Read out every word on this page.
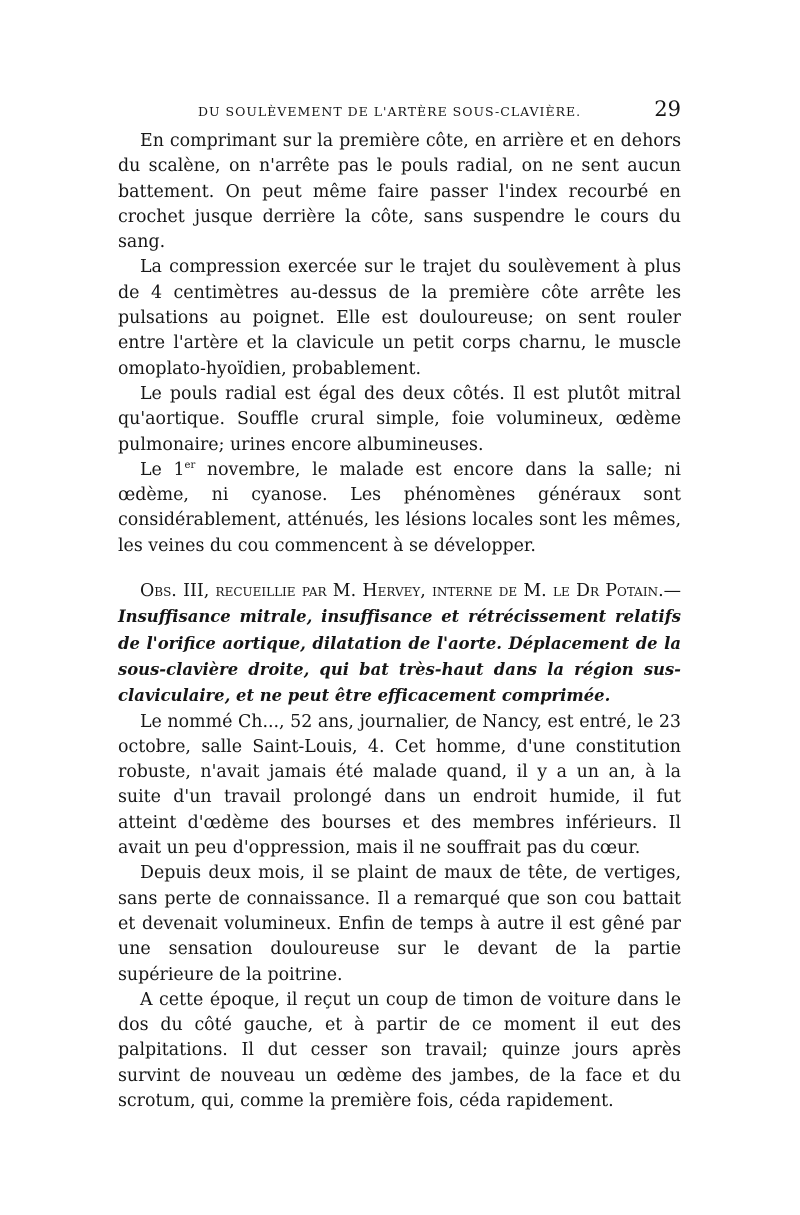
DU SOULÈVEMENT DE L'ARTÈRE SOUS-CLAVIÈRE.	29

En comprimant sur la première côte, en arrière et en dehors du scalène, on n'arrête pas le pouls radial, on ne sent aucun battement. On peut même faire passer l'index recourbé en crochet jusque derrière la côte, sans suspendre le cours du sang.

La compression exercée sur le trajet du soulèvement à plus de 4 centimètres au-dessus de la première côte arrête les pulsations au poignet. Elle est douloureuse; on sent rouler entre l'artère et la clavicule un petit corps charnu, le muscle omoplato-hyoïdien, probablement.

Le pouls radial est égal des deux côtés. Il est plutôt mitral qu'aortique. Souffle crural simple, foie volumineux, œdème pulmonaire; urines encore albumineuses.

Le 1er novembre, le malade est encore dans la salle; ni œdème, ni cyanose. Les phénomènes généraux sont considérablement, atténués, les lésions locales sont les mêmes, les veines du cou commencent à se développer.

Obs. III, recueillie par M. Hervey, interne de M. le Dr Potain.— Insuffisance mitrale, insuffisance et rétrécissement relatifs de l'orifice aortique, dilatation de l'aorte. Déplacement de la sous-clavière droite, qui bat très-haut dans la région sus-claviculaire, et ne peut être efficacement comprimée.

Le nommé Ch..., 52 ans, journalier, de Nancy, est entré, le 23 octobre, salle Saint-Louis, 4. Cet homme, d'une constitution robuste, n'avait jamais été malade quand, il y a un an, à la suite d'un travail prolongé dans un endroit humide, il fut atteint d'œdème des bourses et des membres inférieurs. Il avait un peu d'oppression, mais il ne souffrait pas du cœur.

Depuis deux mois, il se plaint de maux de tête, de vertiges, sans perte de connaissance. Il a remarqué que son cou battait et devenait volumineux. Enfin de temps à autre il est gêné par une sensation douloureuse sur le devant de la partie supérieure de la poitrine.

A cette époque, il reçut un coup de timon de voiture dans le dos du côté gauche, et à partir de ce moment il eut des palpitations. Il dut cesser son travail; quinze jours après survint de nouveau un œdème des jambes, de la face et du scrotum, qui, comme la première fois, céda rapidement.
